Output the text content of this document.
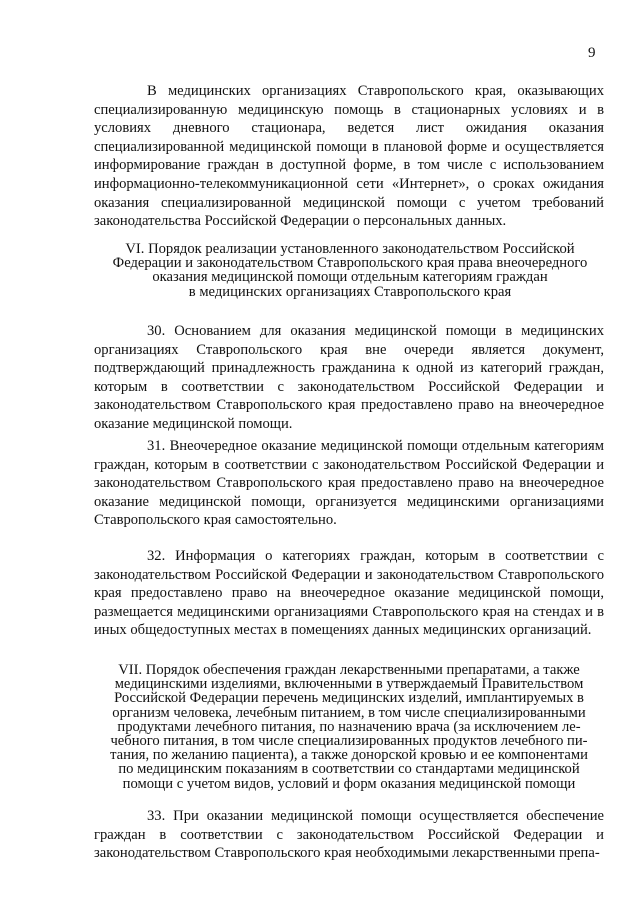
9
В медицинских организациях Ставропольского края, оказывающих специализированную медицинскую помощь в стационарных условиях и в условиях дневного стационара, ведется лист ожидания оказания специализированной медицинской помощи в плановой форме и осуществляется информирование граждан в доступной форме, в том числе с использованием информационно-телекоммуникационной сети «Интернет», о сроках ожидания оказания специализированной медицинской помощи с учетом требований законодательства Российской Федерации о персональных данных.
VI. Порядок реализации установленного законодательством Российской
Федерации и законодательством Ставропольского края права внеочередного
оказания медицинской помощи отдельным категориям граждан
в медицинских организациях Ставропольского края
30. Основанием для оказания медицинской помощи в медицинских организациях Ставропольского края вне очереди является документ, подтверждающий принадлежность гражданина к одной из категорий граждан, которым в соответствии с законодательством Российской Федерации и законодательством Ставропольского края предоставлено право на внеочередное оказание медицинской помощи.
31. Внеочередное оказание медицинской помощи отдельным категориям граждан, которым в соответствии с законодательством Российской Федерации и законодательством Ставропольского края предоставлено право на внеочередное оказание медицинской помощи, организуется медицинскими организациями Ставропольского края самостоятельно.
32. Информация о категориях граждан, которым в соответствии с законодательством Российской Федерации и законодательством Ставропольского края предоставлено право на внеочередное оказание медицинской помощи, размещается медицинскими организациями Ставропольского края на стендах и в иных общедоступных местах в помещениях данных медицинских организаций.
VII. Порядок обеспечения граждан лекарственными препаратами, а также
медицинскими изделиями, включенными в утверждаемый Правительством
Российской Федерации перечень медицинских изделий, имплантируемых в
организм человека, лечебным питанием, в том числе специализированными
продуктами лечебного питания, по назначению врача (за исключением ле-
чебного питания, в том числе специализированных продуктов лечебного пи-
тания, по желанию пациента), а также донорской кровью и ее компонентами
по медицинским показаниям в соответствии со стандартами медицинской
помощи с учетом видов, условий и форм оказания медицинской помощи
33. При оказании медицинской помощи осуществляется обеспечение граждан в соответствии с законодательством Российской Федерации и законодательством Ставропольского края необходимыми лекарственными препа-
